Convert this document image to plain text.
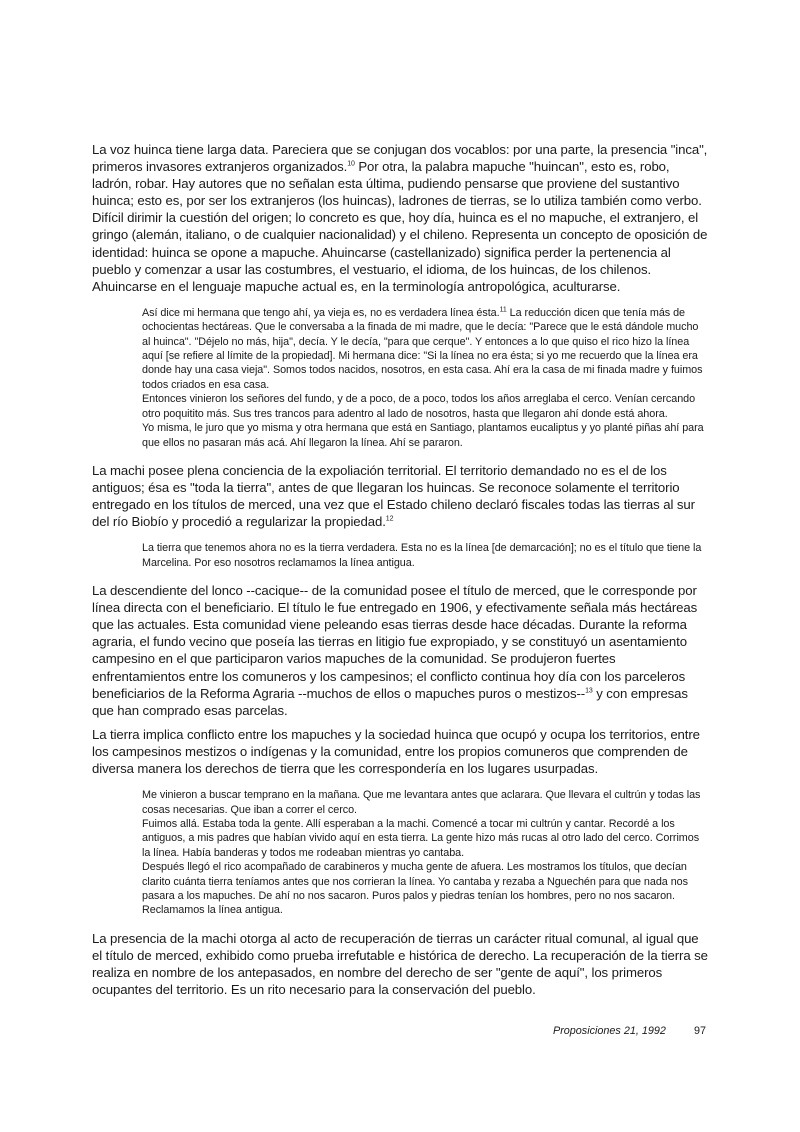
La voz huinca tiene larga data. Pareciera que se conjugan dos vocablos: por una parte, la presencia "inca", primeros invasores extranjeros organizados.$^{10}$ Por otra, la palabra mapuche "huincan", esto es, robo, ladrón, robar. Hay autores que no señalan esta última, pudiendo pensarse que proviene del sustantivo huinca; esto es, por ser los extranjeros (los huincas), ladrones de tierras, se lo utiliza también como verbo. Difícil dirimir la cuestión del origen; lo concreto es que, hoy día, huinca es el no mapuche, el extranjero, el gringo (alemán, italiano, o de cualquier nacionalidad) y el chileno. Representa un concepto de oposición de identidad: huinca se opone a mapuche. Ahuincarse (castellanizado) significa perder la pertenencia al pueblo y comenzar a usar las costumbres, el vestuario, el idioma, de los huincas, de los chilenos. Ahuincarse en el lenguaje mapuche actual es, en la terminología antropológica, aculturarse.

Así dice mi hermana que tengo ahí, ya vieja es, no es verdadera línea ésta.$^{11}$ La reducción dicen que tenía más de ochocientas hectáreas. Que le conversaba a la finada de mi madre, que le decía: "Parece que le está dándole mucho al huinca". "Déjelo no más, hija", decía. Y le decía, "para que cerque". Y entonces a lo que quiso el rico hizo la línea aquí [se refiere al límite de la propiedad]. Mi hermana dice: "Si la línea no era ésta; si yo me recuerdo que la línea era donde hay una casa vieja". Somos todos nacidos, nosotros, en esta casa. Ahí era la casa de mi finada madre y fuimos todos criados en esa casa.

Entonces vinieron los señores del fundo, y de a poco, de a poco, todos los años arreglaba el cerco. Venían cercando otro poquitito más. Sus tres trancos para adentro al lado de nosotros, hasta que llegaron ahí donde está ahora.

Yo misma, le juro que yo misma y otra hermana que está en Santiago, plantamos eucaliptus y yo planté piñas ahí para que ellos no pasaran más acá. Ahí llegaron la línea. Ahí se pararon.

La machi posee plena conciencia de la expoliación territorial. El territorio demandado no es el de los antiguos; ésa es "toda la tierra", antes de que llegaran los huincas. Se reconoce solamente el territorio entregado en los títulos de merced, una vez que el Estado chileno declaró fiscales todas las tierras al sur del río Biobío y procedió a regularizar la propiedad.$^{12}$

La tierra que tenemos ahora no es la tierra verdadera. Esta no es la línea [de demarcación]; no es el título que tiene la Marcelina. Por eso nosotros reclamamos la línea antigua.

La descendiente del lonco --cacique-- de la comunidad posee el título de merced, que le corresponde por línea directa con el beneficiario. El título le fue entregado en 1906, y efectivamente señala más hectáreas que las actuales. Esta comunidad viene peleando esas tierras desde hace décadas. Durante la reforma agraria, el fundo vecino que poseía las tierras en litigio fue expropiado, y se constituyó un asentamiento campesino en el que participaron varios mapuches de la comunidad. Se produjeron fuertes enfrentamientos entre los comuneros y los campesinos; el conflicto continua hoy día con los parceleros beneficiarios de la Reforma Agraria --muchos de ellos o mapuches puros o mestizos--$^{13}$ y con empresas que han comprado esas parcelas.

La tierra implica conflicto entre los mapuches y la sociedad huinca que ocupó y ocupa los territorios, entre los campesinos mestizos o indígenas y la comunidad, entre los propios comuneros que comprenden de diversa manera los derechos de tierra que les correspondería en los lugares usurpadas.

Me vinieron a buscar temprano en la mañana. Que me levantara antes que aclarara. Que llevara el cultrún y todas las cosas necesarias. Que iban a correr el cerco.

Fuimos allá. Estaba toda la gente. Allí esperaban a la machi. Comencé a tocar mi cultrún y cantar. Recordé a los antiguos, a mis padres que habían vivido aquí en esta tierra. La gente hizo más rucas al otro lado del cerco. Corrimos la línea. Había banderas y todos me rodeaban mientras yo cantaba.

Después llegó el rico acompañado de carabineros y mucha gente de afuera. Les mostramos los títulos, que decían clarito cuánta tierra teníamos antes que nos corrieran la línea. Yo cantaba y rezaba a Nguechén para que nada nos pasara a los mapuches. De ahí no nos sacaron. Puros palos y piedras tenían los hombres, pero no nos sacaron. Reclamamos la línea antigua.

La presencia de la machi otorga al acto de recuperación de tierras un carácter ritual comunal, al igual que el título de merced, exhibido como prueba irrefutable e histórica de derecho. La recuperación de la tierra se realiza en nombre de los antepasados, en nombre del derecho de ser "gente de aquí", los primeros ocupantes del territorio. Es un rito necesario para la conservación del pueblo.

Proposiciones 21, 1992	97
